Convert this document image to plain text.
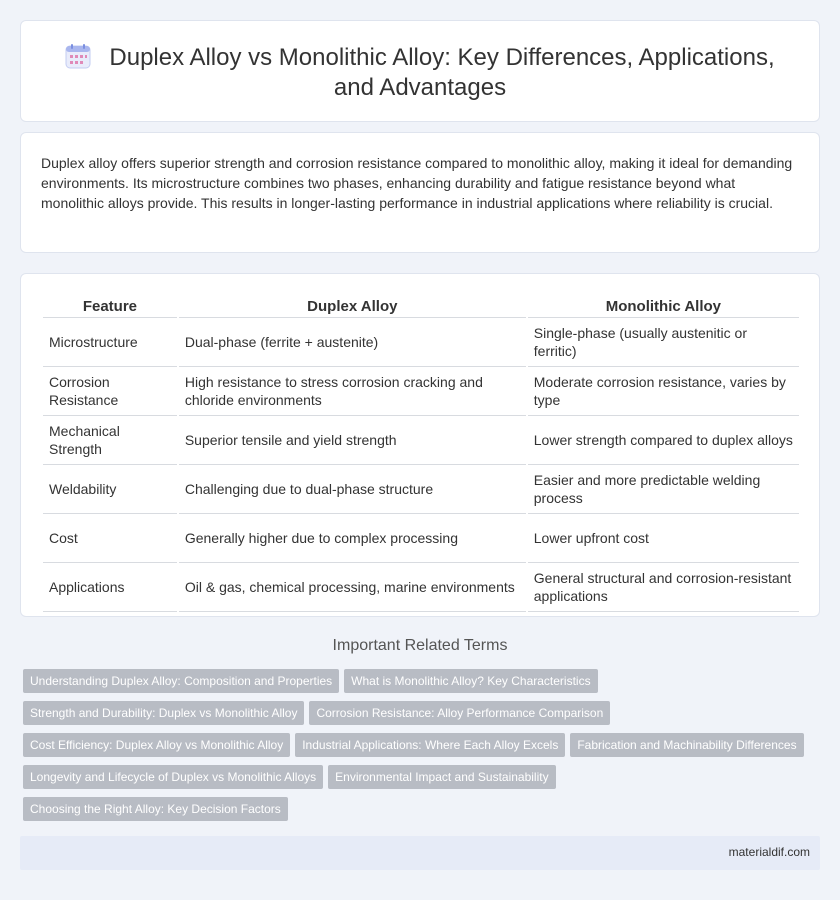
Duplex Alloy vs Monolithic Alloy: Key Differences, Applications, and Advantages

Duplex alloy offers superior strength and corrosion resistance compared to monolithic alloy, making it ideal for demanding environments. Its microstructure combines two phases, enhancing durability and fatigue resistance beyond what monolithic alloys provide. This results in longer-lasting performance in industrial applications where reliability is crucial.

Feature	Duplex Alloy	Monolithic Alloy
Microstructure	Dual-phase (ferrite + austenite)	Single-phase (usually austenitic or ferritic)
Corrosion Resistance	High resistance to stress corrosion cracking and chloride environments	Moderate corrosion resistance, varies by type
Mechanical Strength	Superior tensile and yield strength	Lower strength compared to duplex alloys
Weldability	Challenging due to dual-phase structure	Easier and more predictable welding process
Cost	Generally higher due to complex processing	Lower upfront cost
Applications	Oil & gas, chemical processing, marine environments	General structural and corrosion-resistant applications
Important Related Terms
Understanding Duplex Alloy: Composition and Properties What is Monolithic Alloy? Key Characteristics
Strength and Durability: Duplex vs Monolithic Alloy Corrosion Resistance: Alloy Performance Comparison
Cost Efficiency: Duplex Alloy vs Monolithic Alloy Industrial Applications: Where Each Alloy Excels Fabrication and Machinability Differences
Longevity and Lifecycle of Duplex vs Monolithic Alloys Environmental Impact and Sustainability
Choosing the Right Alloy: Key Decision Factors
materialdif.com
